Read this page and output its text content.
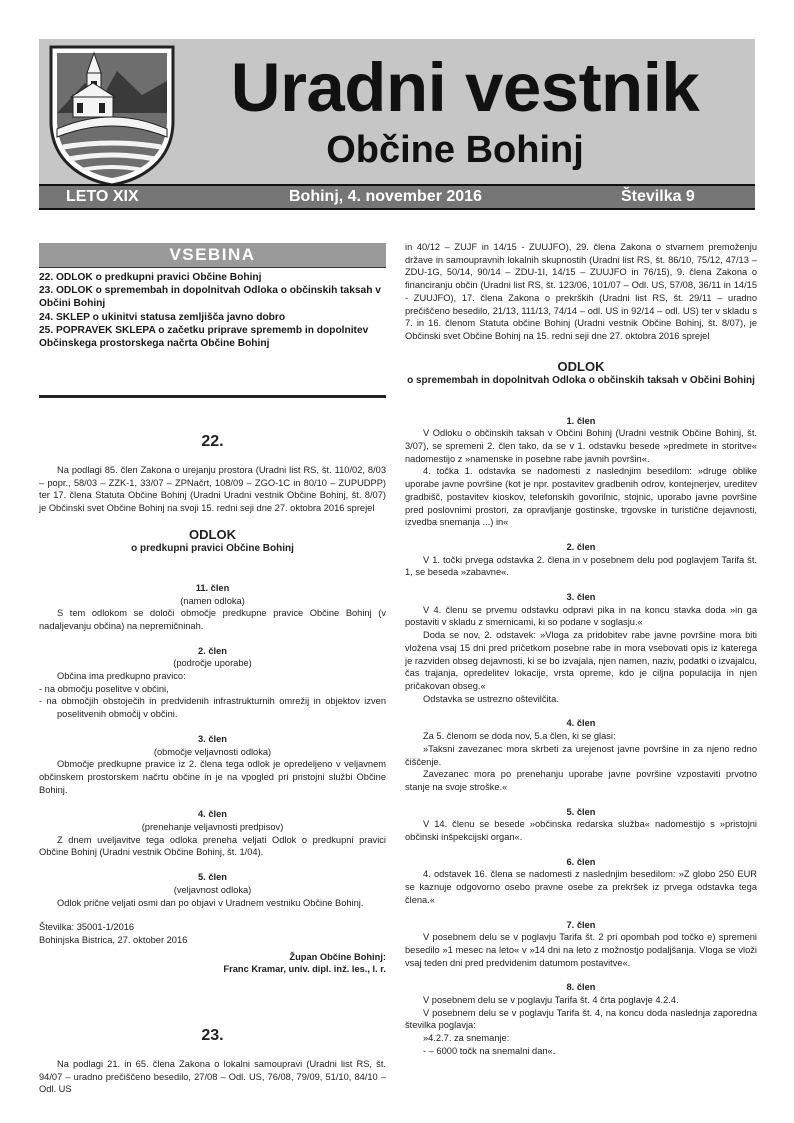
Uradni vestnik
Občine Bohinj
LETO XIX	Bohinj, 4. november 2016	Številka 9
VSEBINA

22. ODLOK o predkupni pravici Občine Bohinj

23. ODLOK o spremembah in dopolnitvah Odloka o občinskih taksah v Občini Bohinj

24. SKLEP o ukinitvi statusa zemljišča javno dobro

25. POPRAVEK SKLEPA o začetku priprave sprememb in dopolnitev Občinskega prostorskega načrta Občine Bohinj

22.

Na podlagi 85. člen Zakona o urejanju prostora (Uradni list RS, št. 110/02, 8/03 – popr., 58/03 – ZZK-1, 33/07 – ZPNačrt, 108/09 – ZGO-1C in 80/10 – ZUPUDPP) ter 17. člena Statuta Občine Bohinj (Uradni Uradni vestnik Občine Bohinj, št. 8/07) je Občinski svet Občine Bohinj na svoji 15. redni seji dne 27. oktobra 2016 sprejel

ODLOK

o predkupni pravici Občine Bohinj

11. člen

(namen odloka)

S tem odlokom se določi območje predkupne pravice Občine Bohinj (v nadaljevanju občina) na nepremičninah.

2. člen

(področje uporabe)

Občina ima predkupno pravico:

- na območju poselitve v občini,

- na območjih obstoječih in predvidenih infrastrukturnih omrežij in objektov izven poselitvenih območij v občini.

3. člen

(območje veljavnosti odloka)

Območje predkupne pravice iz 2. člena tega odlok je opredeljeno v veljavnem občinskem prostorskem načrtu občine in je na vpogled pri pristojni službi Občine Bohinj.

4. člen

(prenehanje veljavnosti predpisov)

Z dnem uveljavitve tega odloka preneha veljati Odlok o predkupni pravici Občine Bohinj (Uradni vestnik Občine Bohinj, št. 1/04).

5. člen

(veljavnost odloka)

Odlok prične veljati osmi dan po objavi v Uradnem vestniku Občine Bohinj.

Številka: 35001-1/2016

Bohinjska Bistrica, 27. oktober 2016

Župan Občine Bohinj:

Franc Kramar, univ. dipl. inž. les., l. r.

23.

Na podlagi 21. in 65. člena Zakona o lokalni samoupravi (Uradni list RS, št. 94/07 – uradno prečiščeno besedilo, 27/08 – Odl. US, 76/08, 79/09, 51/10, 84/10 – Odl. US

in 40/12 – ZUJF in 14/15 - ZUUJFO), 29. člena Zakona o stvarnem premoženju države in samoupravnih lokalnih skupnostih (Uradni list RS, št. 86/10, 75/12, 47/13 – ZDU-1G, 50/14, 90/14 – ZDU-1I, 14/15 – ZUUJFO in 76/15), 9. člena Zakona o financiranju občin (Uradni list RS, št. 123/06, 101/07 – Odl. US, 57/08, 36/11 in 14/15 - ZUUJFO), 17. člena Zakona o prekrških (Uradni list RS, št. 29/11 – uradno prečiščeno besedilo, 21/13, 111/13, 74/14 – odl. US in 92/14 – odl. US) ter v skladu s 7. in 16. členom Statuta občine Bohinj (Uradni vestnik Občine Bohinj, št. 8/07), je Občinski svet Občine Bohinj na 15. redni seji dne 27. oktobra 2016 sprejel

ODLOK

o spremembah in dopolnitvah Odloka o občinskih taksah v Občini Bohinj

1. člen

V Odloku o občinskih taksah v Občini Bohinj (Uradni vestnik Občine Bohinj, št. 3/07), se spremeni 2. člen tako, da se v 1. odstavku besede »predmete in storitve« nadomestijo z »namenske in posebne rabe javnih površin«.

4. točka 1. odstavka se nadomesti z naslednjim besedilom: »druge oblike uporabe javne površine (kot je npr. postavitev gradbenih odrov, kontejnerjev, ureditev gradbišč, postavitev kioskov, telefonskih govorilnic, stojnic, uporabo javne površine pred poslovnimi prostori, za opravljanje gostinske, trgovske in turistične dejavnosti, izvedba snemanja ...) in«

2. člen

V 1. točki prvega odstavka 2. člena in v posebnem delu pod poglavjem Tarifa št. 1, se beseda »zabavne«.

3. člen

V 4. členu se prvemu odstavku odpravi pika in na koncu stavka doda »in ga postaviti v skladu z smernicami, ki so podane v soglasju.«

Doda se nov, 2. odstavek: »Vloga za pridobitev rabe javne površine mora biti vložena vsaj 15 dni pred pričetkom posebne rabe in mora vsebovati opis iz katerega je razviden obseg dejavnosti, ki se bo izvajala, njen namen, naziv, podatki o izvajalcu, čas trajanja, opredelitev lokacije, vrsta opreme, kdo je ciljna populacija in njen pričakovan obseg.«

Odstavka se ustrezno oštevilčita.

4. člen

Za 5. členom se doda nov, 5.a člen, ki se glasi:

»Taksni zavezanec mora skrbeti za urejenost javne površine in za njeno redno čiščenje.

Zavezanec mora po prenehanju uporabe javne površine vzpostaviti prvotno stanje na svoje stroške.«

5. člen

V 14. členu se besede »občinska redarska služba« nadomestijo s »pristojni občinski inšpekcijski organ«.

6. člen

4. odstavek 16. člena se nadomesti z naslednjim besedilom: »Z globo 250 EUR se kaznuje odgovorno osebo pravne osebe za prekršek iz prvega odstavka tega člena.«

7. člen

V posebnem delu se v poglavju Tarifa št. 2 pri opombah pod točko e) spremeni besedilo »1 mesec na leto« v »14 dni na leto z možnostjo podaljšanja. Vloga se vloži vsaj teden dni pred predvidenim datumom postavitve«.

8. člen

V posebnem delu se v poglavju Tarifa št. 4 črta poglavje 4.2.4.

V posebnem delu se v poglavju Tarifa št. 4, na koncu doda naslednja zaporedna številka poglavja:

»4.2.7. za snemanje:

- – 6000 točk na snemalni dan«.
